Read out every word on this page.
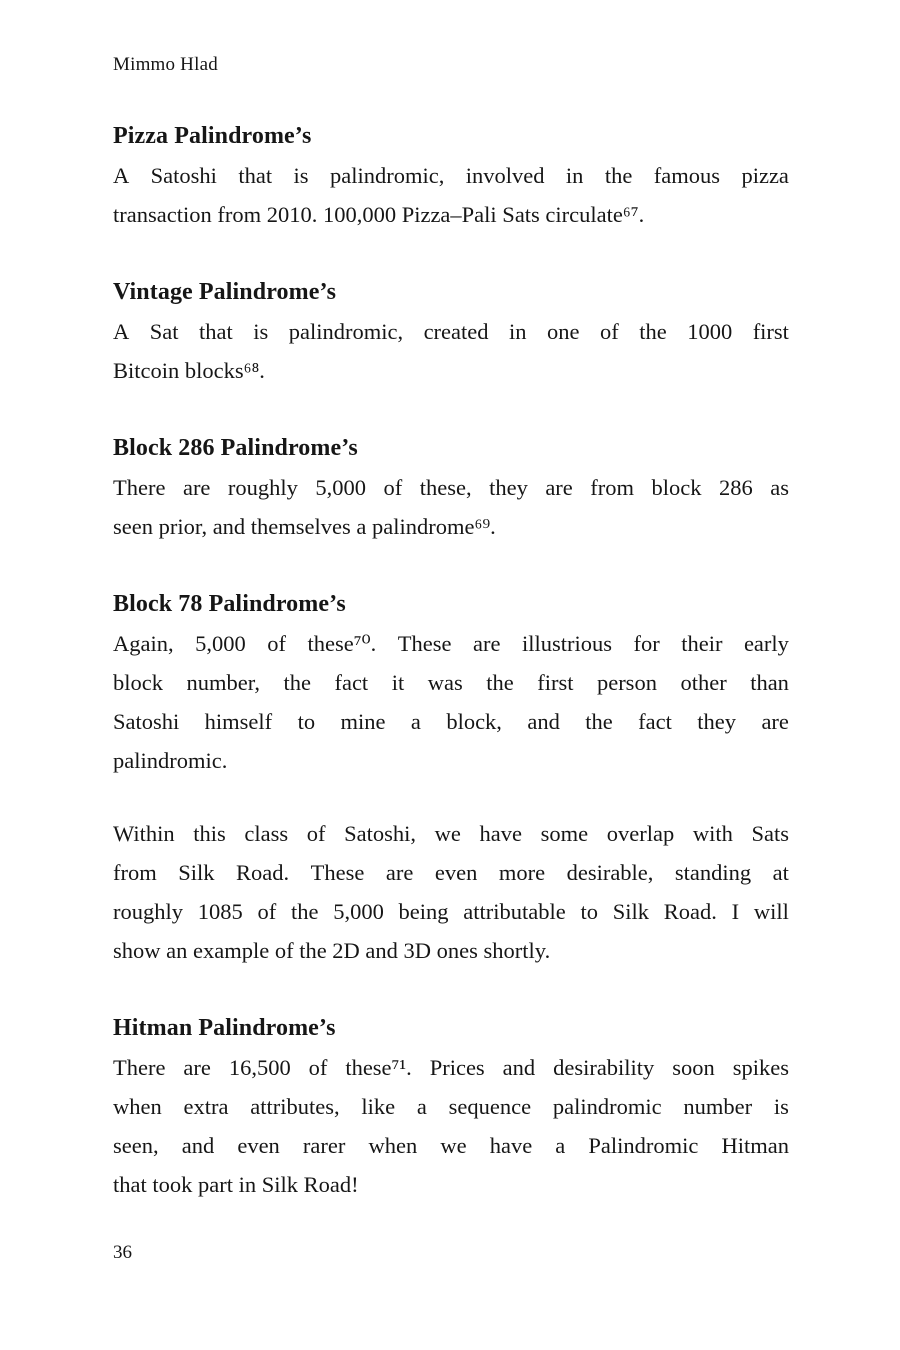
Mimmo Hlad
Pizza Palindrome’s
A Satoshi that is palindromic, involved in the famous pizza
transaction from 2010. 100,000 Pizza–Pali Sats circulate⁶⁷.
Vintage Palindrome’s
A Sat that is palindromic, created in one of the 1000 first
Bitcoin blocks⁶⁸.
Block 286 Palindrome’s
There are roughly 5,000 of these, they are from block 286 as
seen prior, and themselves a palindrome⁶⁹.
Block 78 Palindrome’s
Again, 5,000 of these⁷⁰. These are illustrious for their early
block number, the fact it was the first person other than
Satoshi himself to mine a block, and the fact they are
palindromic.
Within this class of Satoshi, we have some overlap with Sats
from Silk Road. These are even more desirable, standing at
roughly 1085 of the 5,000 being attributable to Silk Road. I will
show an example of the 2D and 3D ones shortly.
Hitman Palindrome’s
There are 16,500 of these⁷¹. Prices and desirability soon spikes
when extra attributes, like a sequence palindromic number is
seen, and even rarer when we have a Palindromic Hitman
that took part in Silk Road!
36
